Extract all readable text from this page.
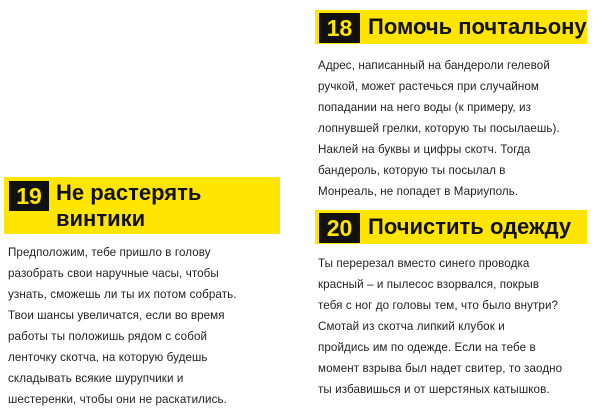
18 Помочь почтальону
Адрес, написанный на бандероли гелевой
ручкой, может растечься при случайном
попадании на него воды (к примеру, из
лопнувшей грелки, которую ты посылаешь).
Наклей на буквы и цифры скотч. Тогда
бандероль, которую ты посылал в
Монреаль, не попадет в Мариуполь.
19 Не растерять
винтики
Предположим, тебе пришло в голову
разобрать свои наручные часы, чтобы
узнать, сможешь ли ты их потом собрать.
Твои шансы увеличатся, если во время
работы ты положишь рядом с собой
ленточку скотча, на которую будешь
складывать всякие шурупчики и
шестеренки, чтобы они не раскатились.
20 Почистить одежду
Ты перерезал вместо синего проводка
красный – и пылесос взорвался, покрыв
тебя с ног до головы тем, что было внутри?
Смотай из скотча липкий клубок и
пройдись им по одежде. Если на тебе в
момент взрыва был надет свитер, то заодно
ты избавишься и от шерстяных катышков.
